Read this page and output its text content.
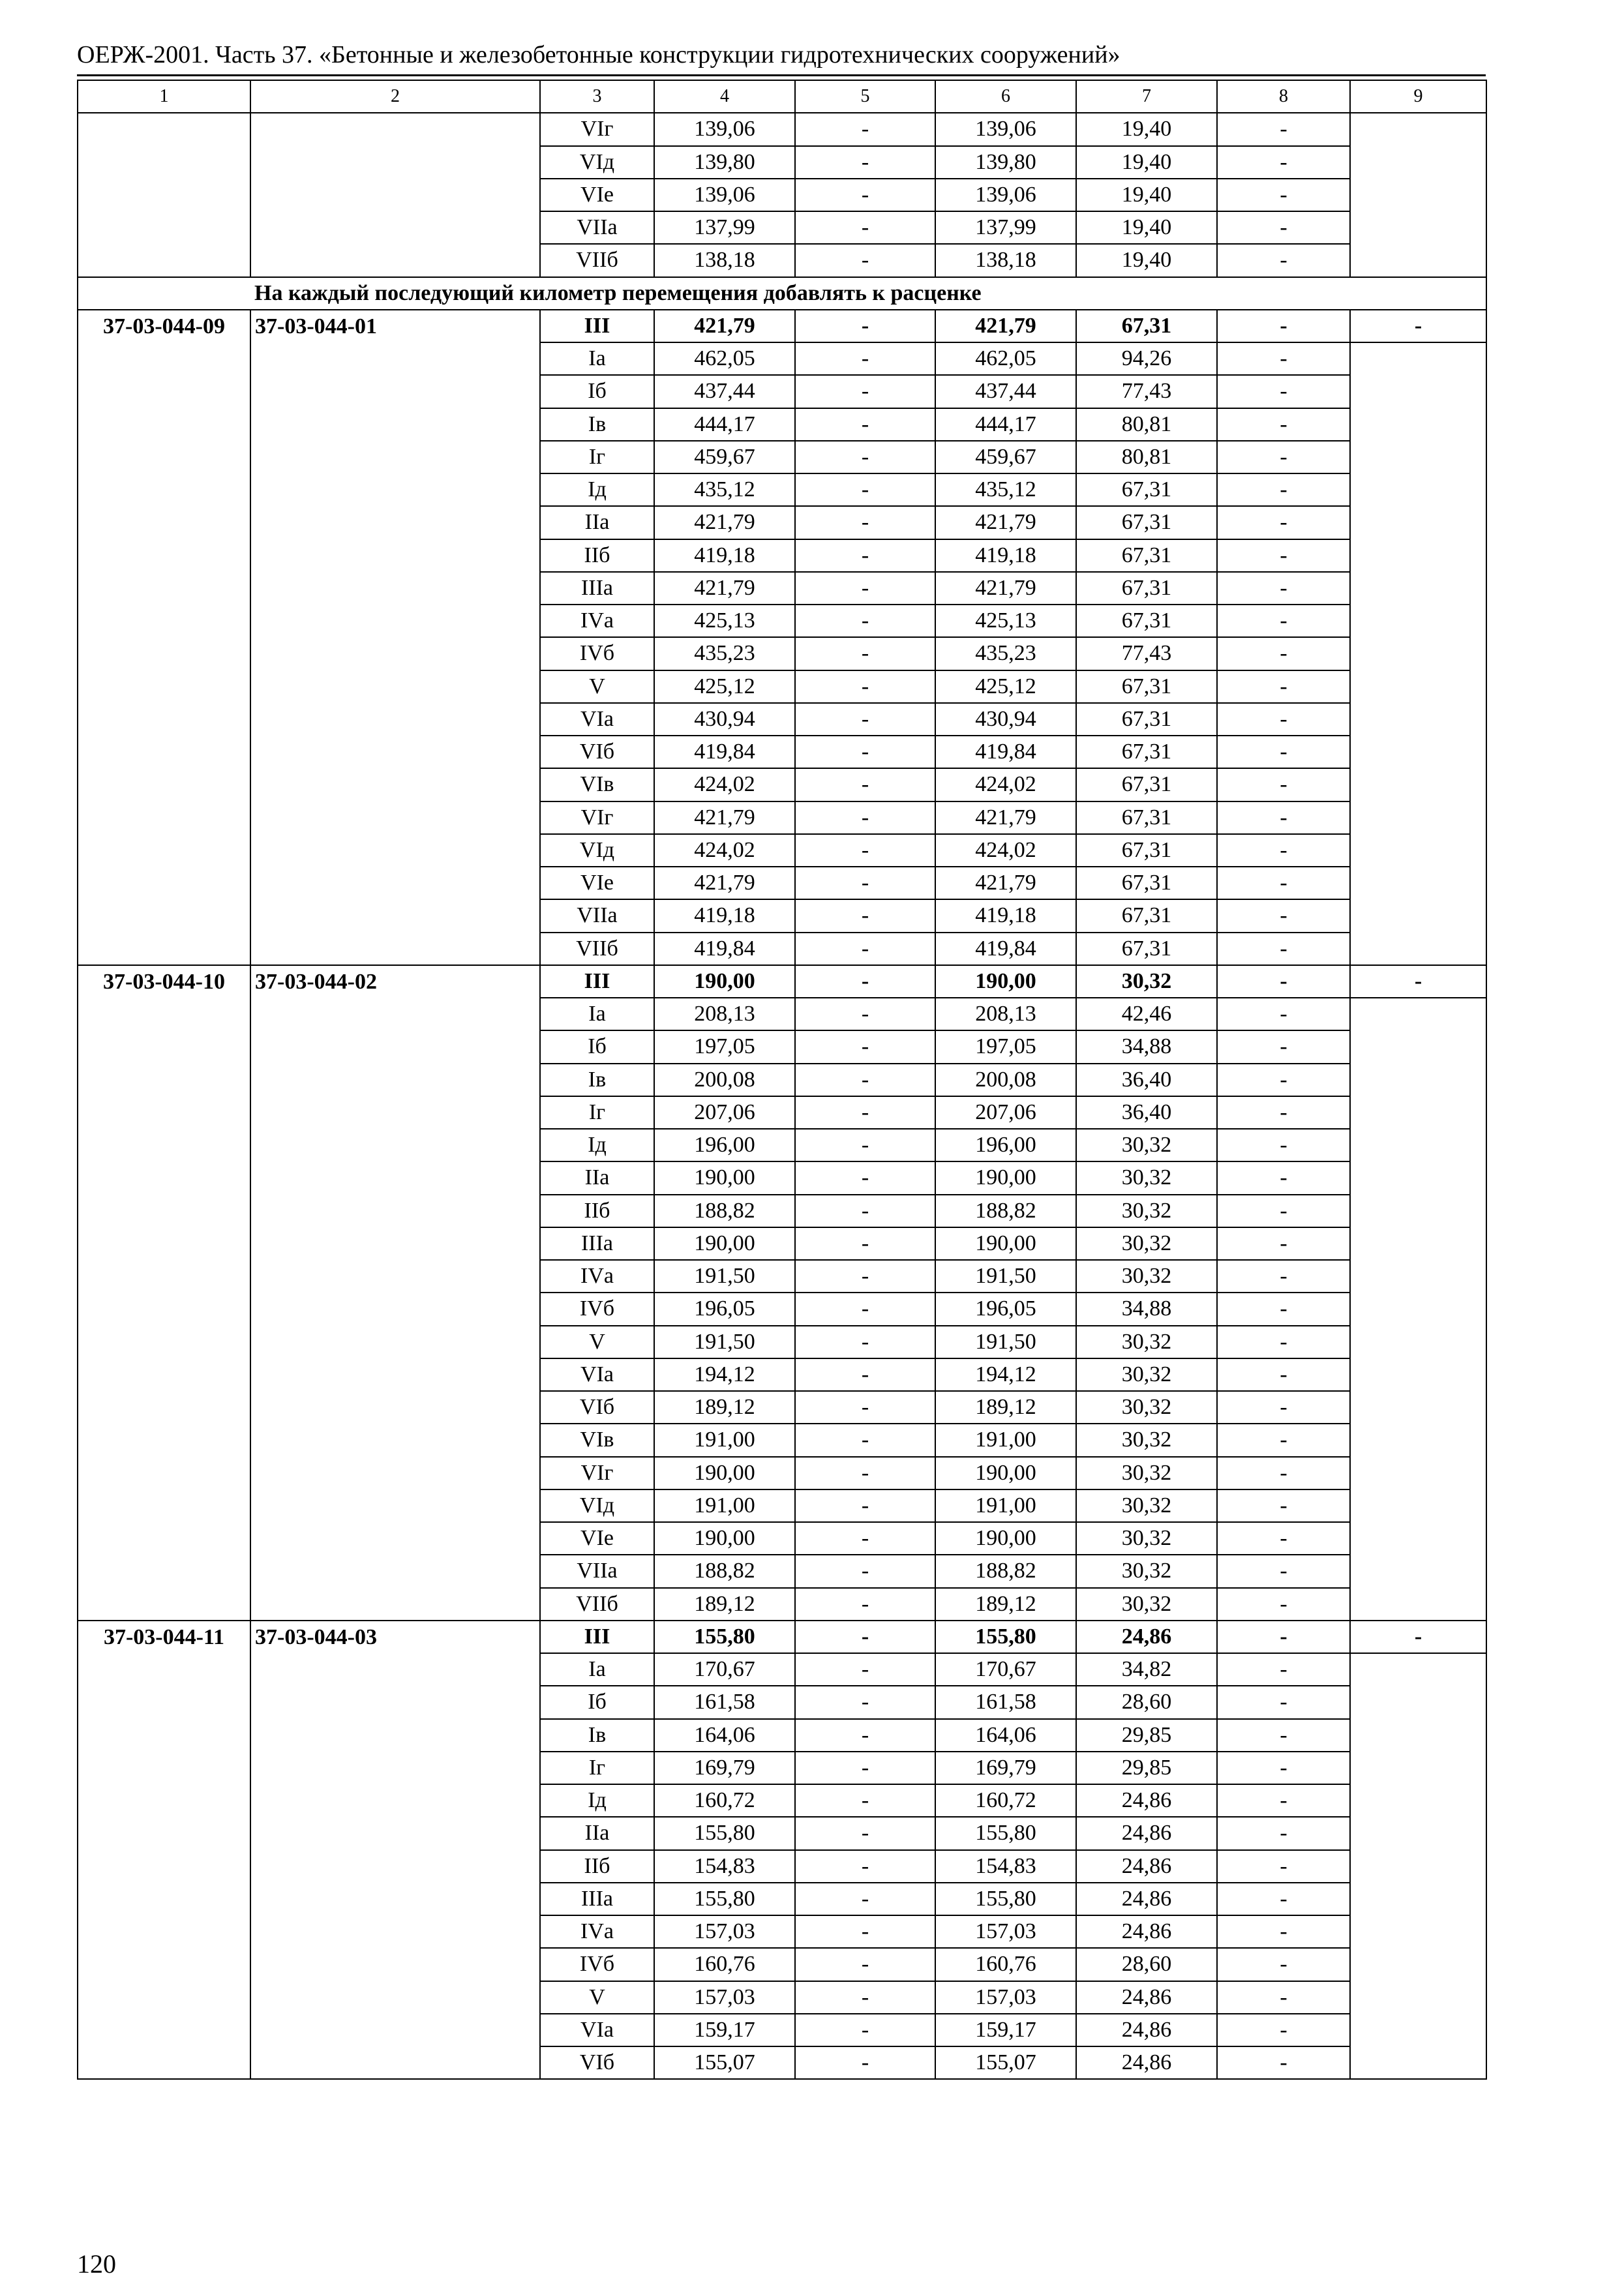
ОЕРЖ-2001. Часть 37. «Бетонные и железобетонные конструкции гидротехнических сооружений»
1	2	3	4	5	6	7	8	9
		VIг	139,06	-	139,06	19,40	-	
		VIд	139,80	-	139,80	19,40	-	
		VIе	139,06	-	139,06	19,40	-	
		VIIа	137,99	-	137,99	19,40	-	
		VIIб	138,18	-	138,18	19,40	-	
На каждый последующий километр перемещения добавлять к расценке								
37-03-044-09	37-03-044-01	III	421,79	-	421,79	67,31	-	-
		Iа	462,05	-	462,05	94,26	-	
		Iб	437,44	-	437,44	77,43	-	
		Iв	444,17	-	444,17	80,81	-	
		Iг	459,67	-	459,67	80,81	-	
		Iд	435,12	-	435,12	67,31	-	
		IIа	421,79	-	421,79	67,31	-	
		IIб	419,18	-	419,18	67,31	-	
		IIIа	421,79	-	421,79	67,31	-	
		IVа	425,13	-	425,13	67,31	-	
		IVб	435,23	-	435,23	77,43	-	
		V	425,12	-	425,12	67,31	-	
		VIа	430,94	-	430,94	67,31	-	
		VIб	419,84	-	419,84	67,31	-	
		VIв	424,02	-	424,02	67,31	-	
		VIг	421,79	-	421,79	67,31	-	
		VIд	424,02	-	424,02	67,31	-	
		VIе	421,79	-	421,79	67,31	-	
		VIIа	419,18	-	419,18	67,31	-	
		VIIб	419,84	-	419,84	67,31	-	
37-03-044-10	37-03-044-02	III	190,00	-	190,00	30,32	-	-
		Iа	208,13	-	208,13	42,46	-	
		Iб	197,05	-	197,05	34,88	-	
		Iв	200,08	-	200,08	36,40	-	
		Iг	207,06	-	207,06	36,40	-	
		Iд	196,00	-	196,00	30,32	-	
		IIа	190,00	-	190,00	30,32	-	
		IIб	188,82	-	188,82	30,32	-	
		IIIа	190,00	-	190,00	30,32	-	
		IVа	191,50	-	191,50	30,32	-	
		IVб	196,05	-	196,05	34,88	-	
		V	191,50	-	191,50	30,32	-	
		VIа	194,12	-	194,12	30,32	-	
		VIб	189,12	-	189,12	30,32	-	
		VIв	191,00	-	191,00	30,32	-	
		VIг	190,00	-	190,00	30,32	-	
		VIд	191,00	-	191,00	30,32	-	
		VIе	190,00	-	190,00	30,32	-	
		VIIа	188,82	-	188,82	30,32	-	
		VIIб	189,12	-	189,12	30,32	-	
37-03-044-11	37-03-044-03	III	155,80	-	155,80	24,86	-	-
		Iа	170,67	-	170,67	34,82	-	
		Iб	161,58	-	161,58	28,60	-	
		Iв	164,06	-	164,06	29,85	-	
		Iг	169,79	-	169,79	29,85	-	
		Iд	160,72	-	160,72	24,86	-	
		IIа	155,80	-	155,80	24,86	-	
		IIб	154,83	-	154,83	24,86	-	
		IIIа	155,80	-	155,80	24,86	-	
		IVа	157,03	-	157,03	24,86	-	
		IVб	160,76	-	160,76	28,60	-	
		V	157,03	-	157,03	24,86	-	
		VIа	159,17	-	159,17	24,86	-	
		VIб	155,07	-	155,07	24,86	-	
120
